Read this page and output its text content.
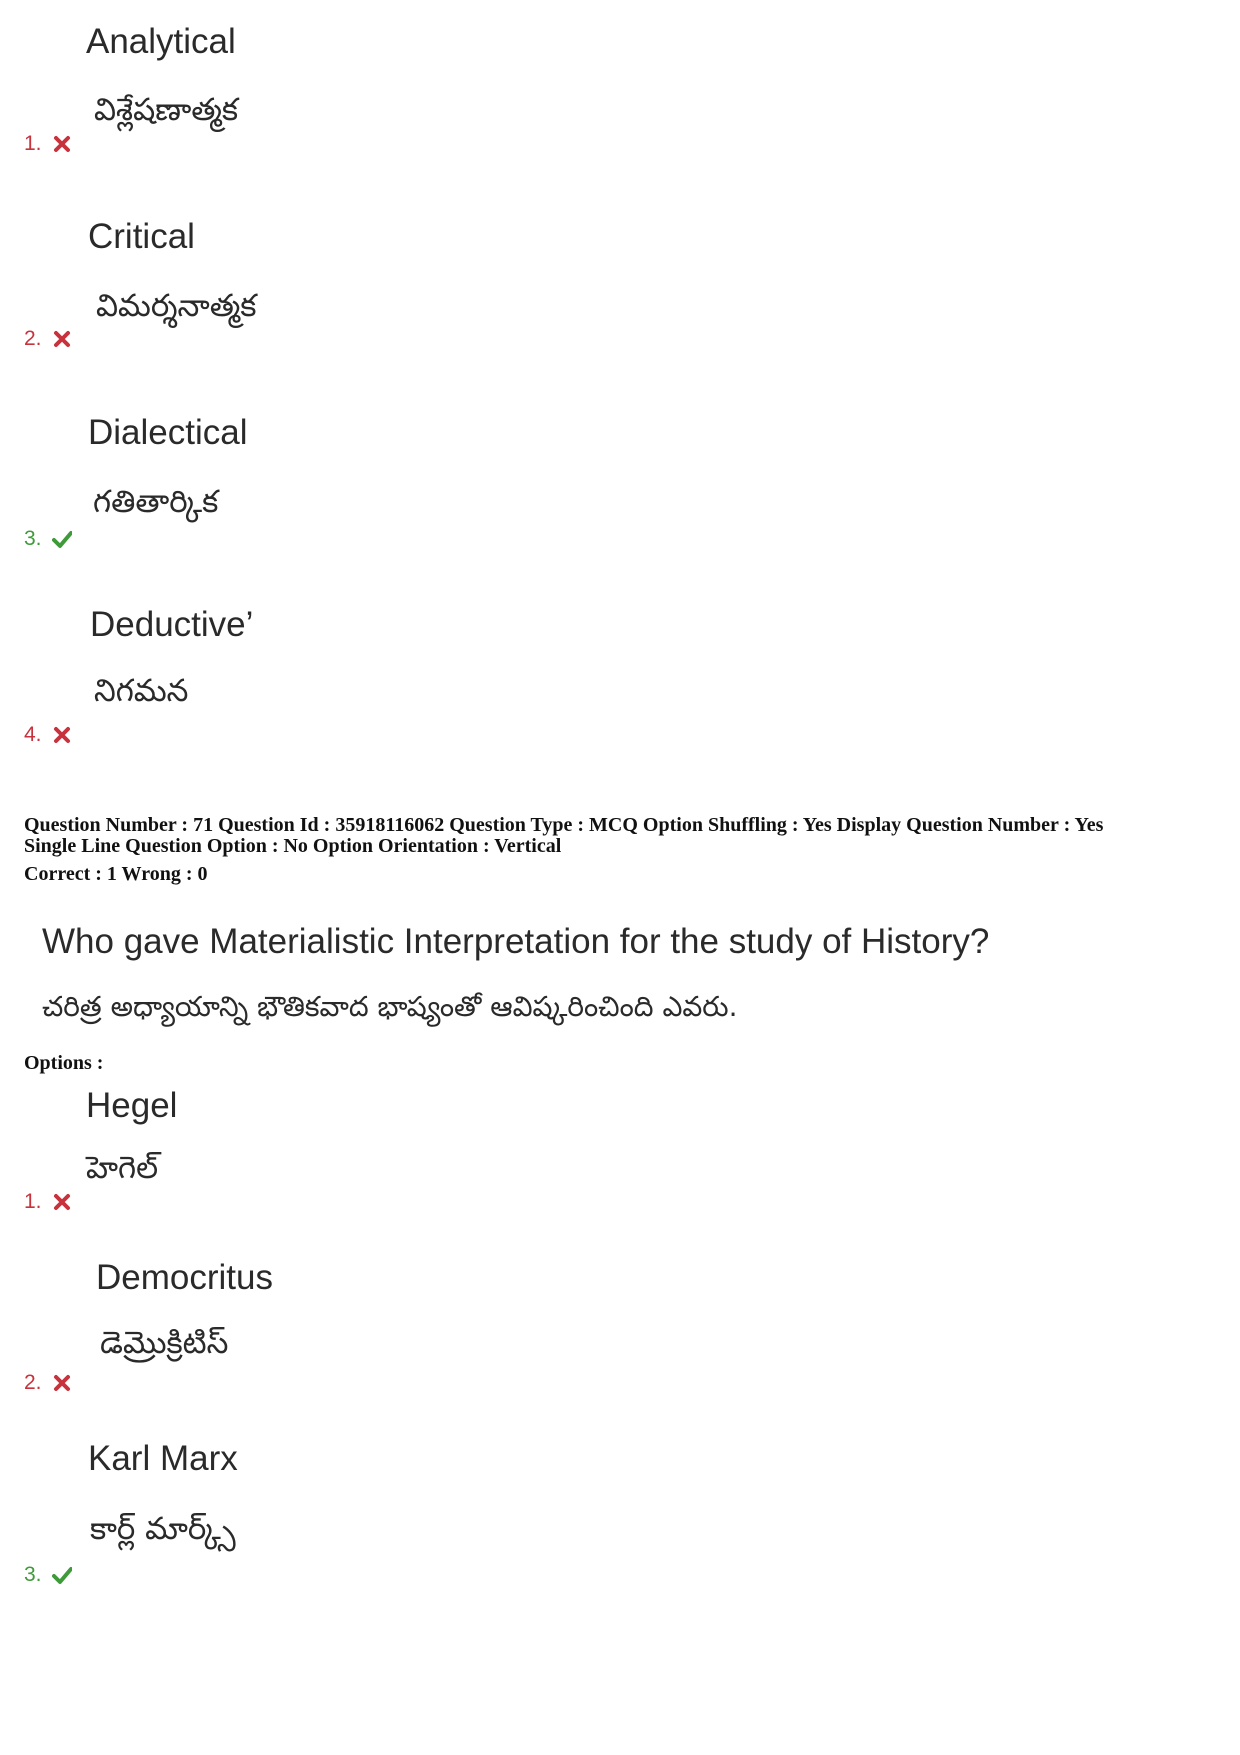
Analytical
విశ్లేషణాత్మక
1.
Critical
విమర్శనాత్మక
2.
Dialectical
గతితార్కిక
3.
Deductive’
నిగమన
4.
Question Number : 71 Question Id : 35918116062 Question Type : MCQ Option Shuffling : Yes Display Question Number : Yes
Single Line Question Option : No Option Orientation : Vertical
Correct : 1 Wrong : 0
Who gave Materialistic Interpretation for the study of History?
చరిత్ర అధ్యాయాన్ని భౌతికవాద భాష్యంతో ఆవిష్కరించింది ఎవరు.
Options :
Hegel
హెగెల్
1.
Democritus
డెమ్రొక్రిటిస్
2.
Karl Marx
కార్ల్ మార్క్స్
3.
